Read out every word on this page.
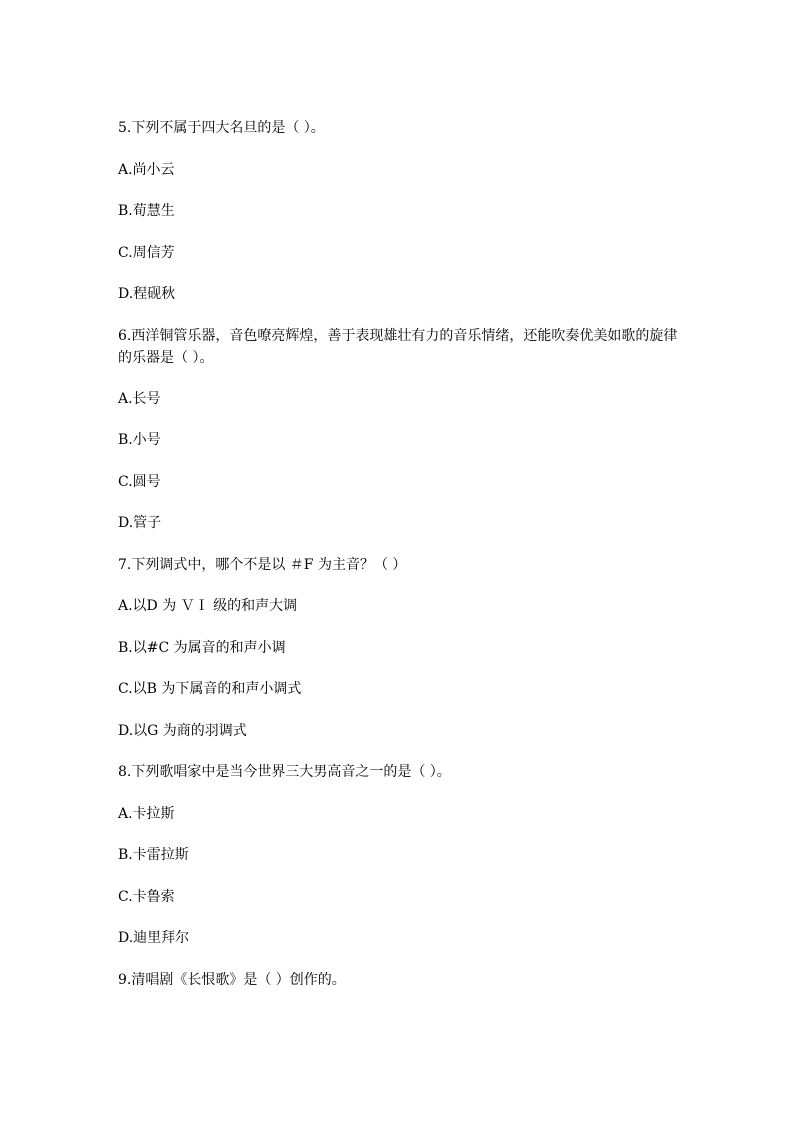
5.下列不属于四大名旦的是（ ）。
A.尚小云
B.荀慧生
C.周信芳
D.程砚秋
6.西洋铜管乐器，音色嘹亮辉煌，善于表现雄壮有力的音乐情绪，还能吹奏优美如歌的旋律 的乐器是（ ）。
A.长号
B.小号
C.圆号
D.管子
7.下列调式中，哪个不是以 ＃F 为主音？（ ）
A.以D 为 ＶＩ 级的和声大调
B.以#C 为属音的和声小调
C.以B 为下属音的和声小调式
D.以G 为商的羽调式
8.下列歌唱家中是当今世界三大男高音之一的是（ ）。
A.卡拉斯
B.卡雷拉斯
C.卡鲁索
D.迪里拜尔
9.清唱剧《长恨歌》是（ ）创作的。
